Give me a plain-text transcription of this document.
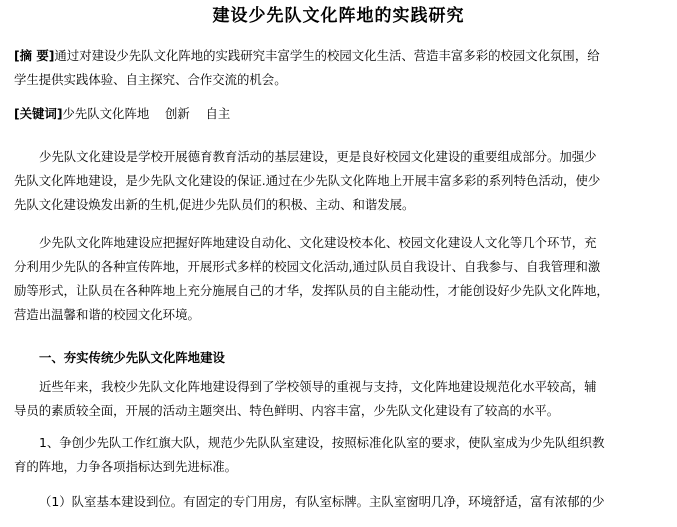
建设少先队文化阵地的实践研究
[摘 要]通过对建设少先队文化阵地的实践研究丰富学生的校园文化生活、营造丰富多彩的校园文化氛围，给
学生提供实践体验、自主探究、合作交流的机会。
[关键词]少先队文化阵地    创新    自主
少先队文化建设是学校开展德育教育活动的基层建设，更是良好校园文化建设的重要组成部分。加强少
先队文化阵地建设，是少先队文化建设的保证.通过在少先队文化阵地上开展丰富多彩的系列特色活动，使少
先队文化建设焕发出新的生机,促进少先队员们的积极、主动、和谐发展。
少先队文化阵地建设应把握好阵地建设自动化、文化建设校本化、校园文化建设人文化等几个环节，充
分利用少先队的各种宣传阵地，开展形式多样的校园文化活动,通过队员自我设计、自我参与、自我管理和激
励等形式，让队员在各种阵地上充分施展自己的才华，发挥队员的自主能动性，才能创设好少先队文化阵地，
营造出温馨和谐的校园文化环境。
一、夯实传统少先队文化阵地建设
近些年来，我校少先队文化阵地建设得到了学校领导的重视与支持，文化阵地建设规范化水平较高，辅
导员的素质较全面，开展的活动主题突出、特色鲜明、内容丰富，少先队文化建设有了较高的水平。
1、争创少先队工作红旗大队，规范少先队队室建设，按照标准化队室的要求，使队室成为少先队组织教
育的阵地，力争各项指标达到先进标准。
（1）队室基本建设到位。有固定的专门用房，有队室标牌。主队室窗明几净，环境舒适，富有浓郁的少
